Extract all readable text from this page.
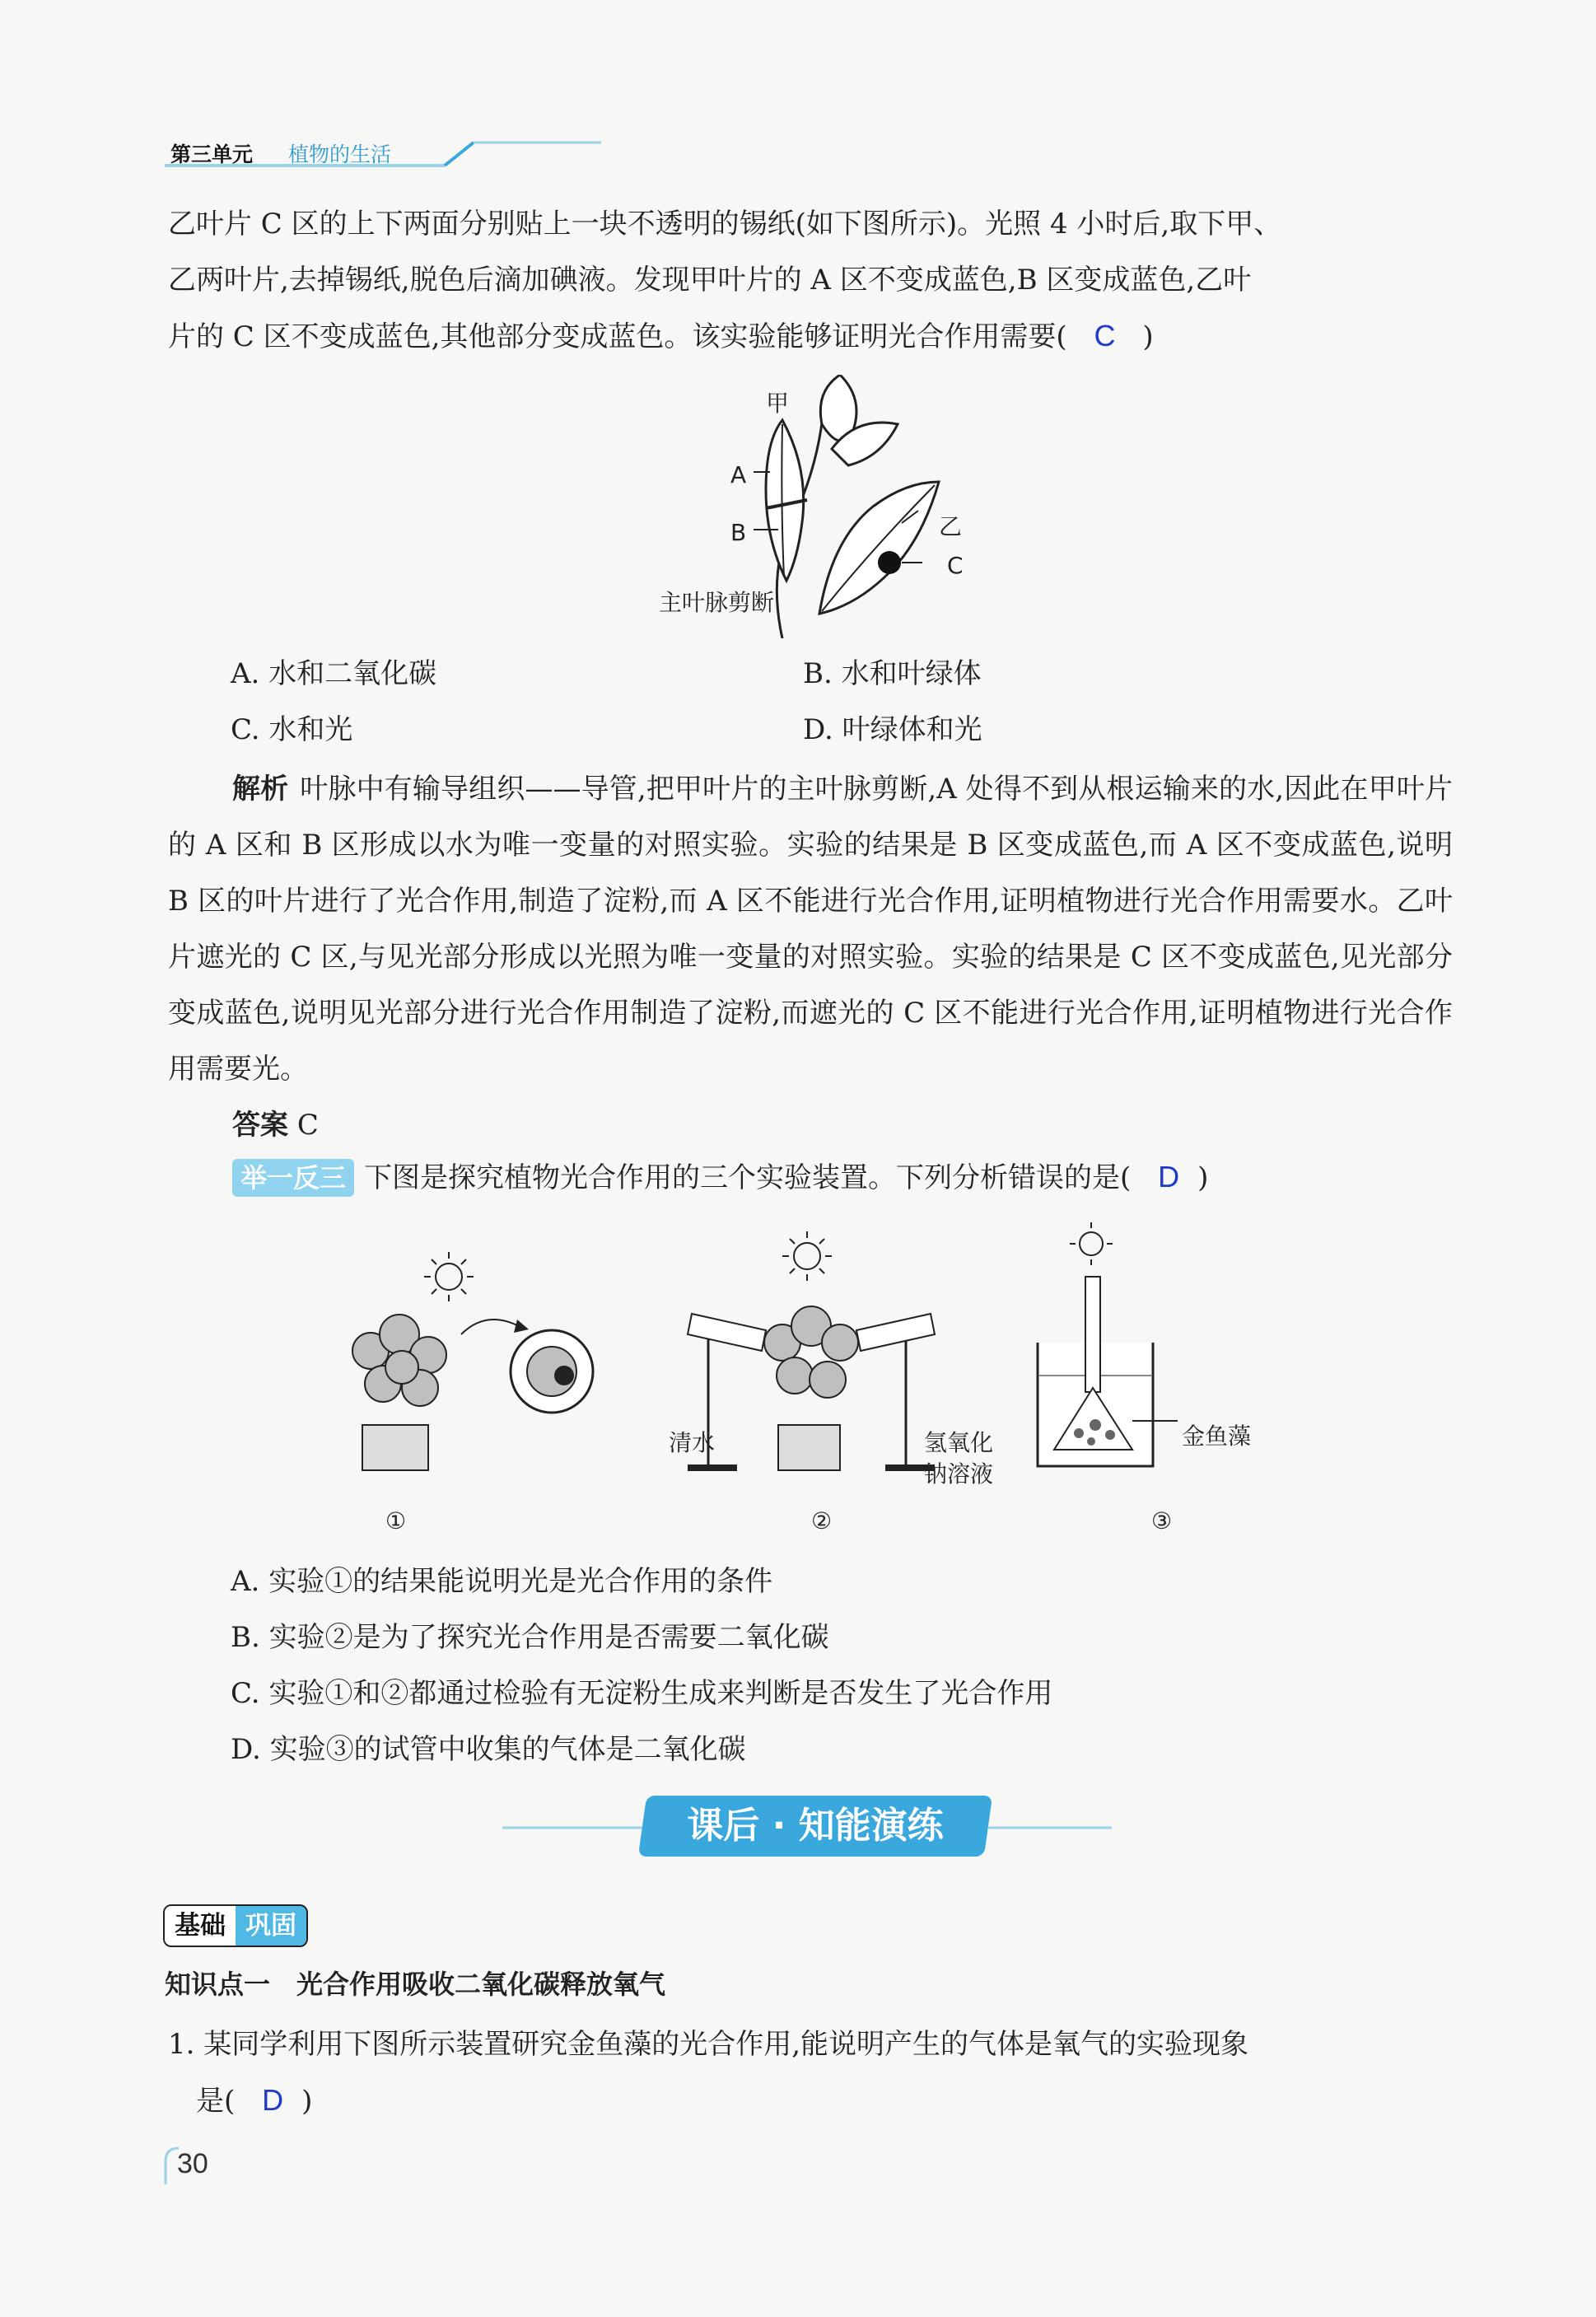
第三单元 植物的生活
乙叶片 C 区的上下两面分别贴上一块不透明的锡纸(如下图所示)。光照 4 小时后,取下甲、
乙两叶片,去掉锡纸,脱色后滴加碘液。发现甲叶片的 A 区不变成蓝色,B 区变成蓝色,乙叶
片的 C 区不变成蓝色,其他部分变成蓝色。该实验能够证明光合作用需要( C )
甲
A
B	乙
C
主叶脉剪断
A. 水和二氧化碳	B. 水和叶绿体
C. 水和光	D. 叶绿体和光
解析 叶脉中有输导组织——导管,把甲叶片的主叶脉剪断,A 处得不到从根运输来的水,因此在甲叶片的 A 区和 B 区形成以水为唯一变量的对照实验。实验的结果是 B 区变成蓝色,而 A 区不变成蓝色,说明 B 区的叶片进行了光合作用,制造了淀粉,而 A 区不能进行光合作用,证明植物进行光合作用需要水。乙叶片遮光的 C 区,与见光部分形成以光照为唯一变量的对照实验。实验的结果是 C 区不变成蓝色,见光部分变成蓝色,说明见光部分进行光合作用制造了淀粉,而遮光的 C 区不能进行光合作用,证明植物进行光合作用需要光。
答案 C
举一反三 下图是探究植物光合作用的三个实验装置。下列分析错误的是( D )
清水	氢氧化
钠溶液
金鱼藻
①	②	③
A. 实验①的结果能说明光是光合作用的条件
B. 实验②是为了探究光合作用是否需要二氧化碳
C. 实验①和②都通过检验有无淀粉生成来判断是否发生了光合作用
D. 实验③的试管中收集的气体是二氧化碳
课后 · 知能演练
基础 巩固
知识点一　光合作用吸收二氧化碳释放氧气
1. 某同学利用下图所示装置研究金鱼藻的光合作用,能说明产生的气体是氧气的实验现象
是( D )
30
